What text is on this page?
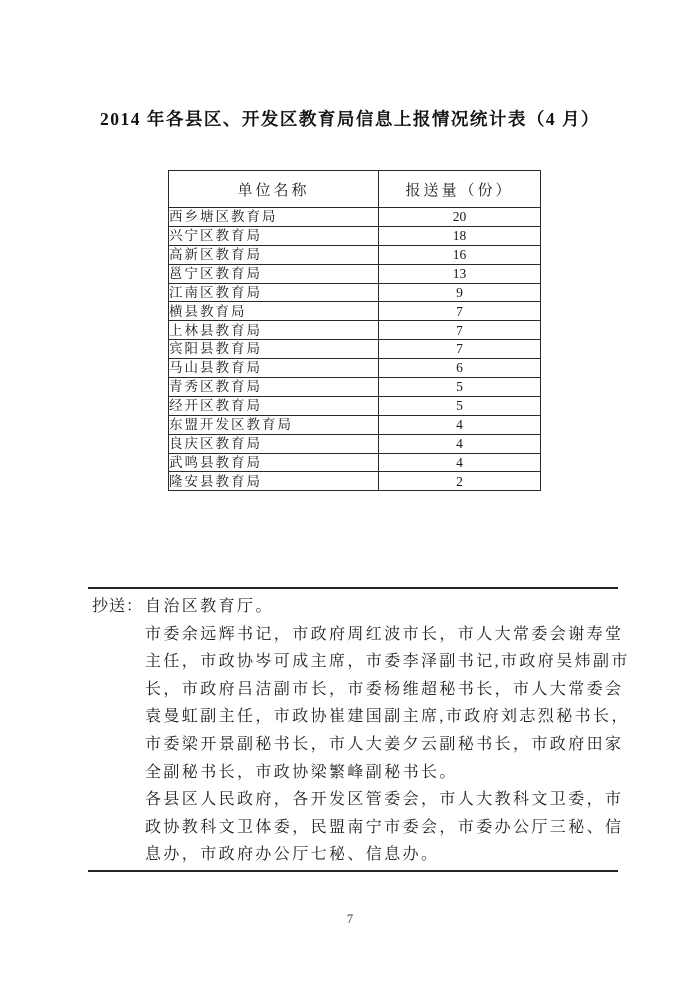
2014 年各县区、开发区教育局信息上报情况统计表（4 月）
单位名称	报送量（份）
西乡塘区教育局	20
兴宁区教育局	18
高新区教育局	16
邕宁区教育局	13
江南区教育局	9
横县教育局	7
上林县教育局	7
宾阳县教育局	7
马山县教育局	6
青秀区教育局	5
经开区教育局	5
东盟开发区教育局	4
良庆区教育局	4
武鸣县教育局	4
隆安县教育局	2
抄送： 自治区教育厅。
市委余远辉书记，市政府周红波市长，市人大常委会谢寿堂
主任，市政协岑可成主席，市委李泽副书记,市政府吴炜副市
长，市政府吕洁副市长，市委杨维超秘书长，市人大常委会
袁曼虹副主任，市政协崔建国副主席,市政府刘志烈秘书长，
市委梁开景副秘书长，市人大姜夕云副秘书长，市政府田家
全副秘书长，市政协梁繁峰副秘书长。
各县区人民政府，各开发区管委会，市人大教科文卫委，市
政协教科文卫体委，民盟南宁市委会，市委办公厅三秘、信
息办，市政府办公厅七秘、信息办。
7
